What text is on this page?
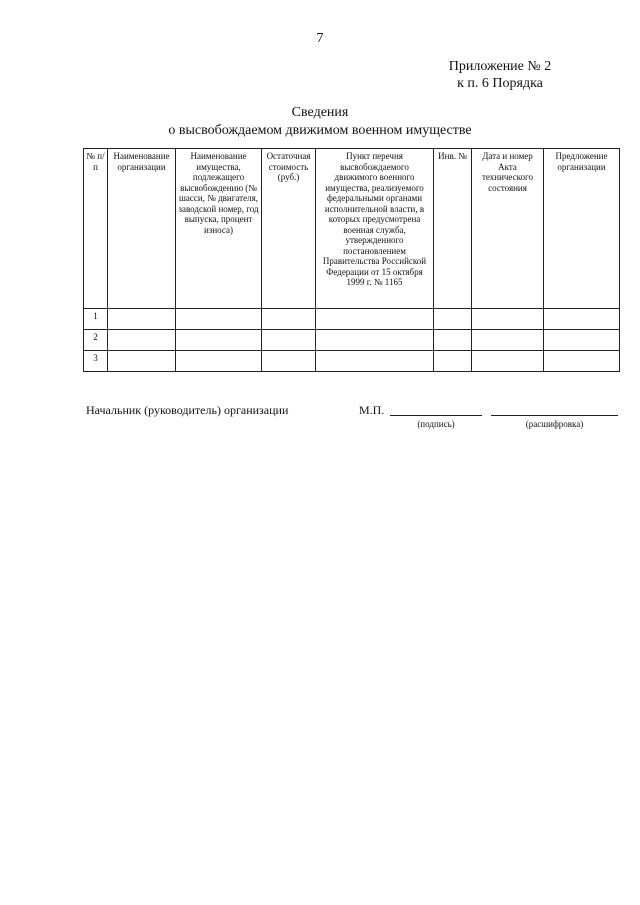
7
Приложение № 2
к п. 6 Порядка
Сведения
о высвобождаемом движимом военном имуществе
№ п/п	Наименование организации	Наименование имущества, подлежащего высвобождению (№ шасси, № двигателя, заводской номер, год выпуска, процент износа)	Остаточная стоимость (руб.)	Пункт перечня высвобождаемого движимого военного имущества, реализуемого федеральными органами исполнительной власти, в которых предусмотрена военная служба, утвержденного постановлением Правительства Российской Федерации от 15 октября 1999 г. № 1165	Инв. №	Дата и номер Акта технического состояния	Предложение организации
1							
2							
3							
Начальник (руководитель) организации	М.П.
(подпись)	(расшифровка)
